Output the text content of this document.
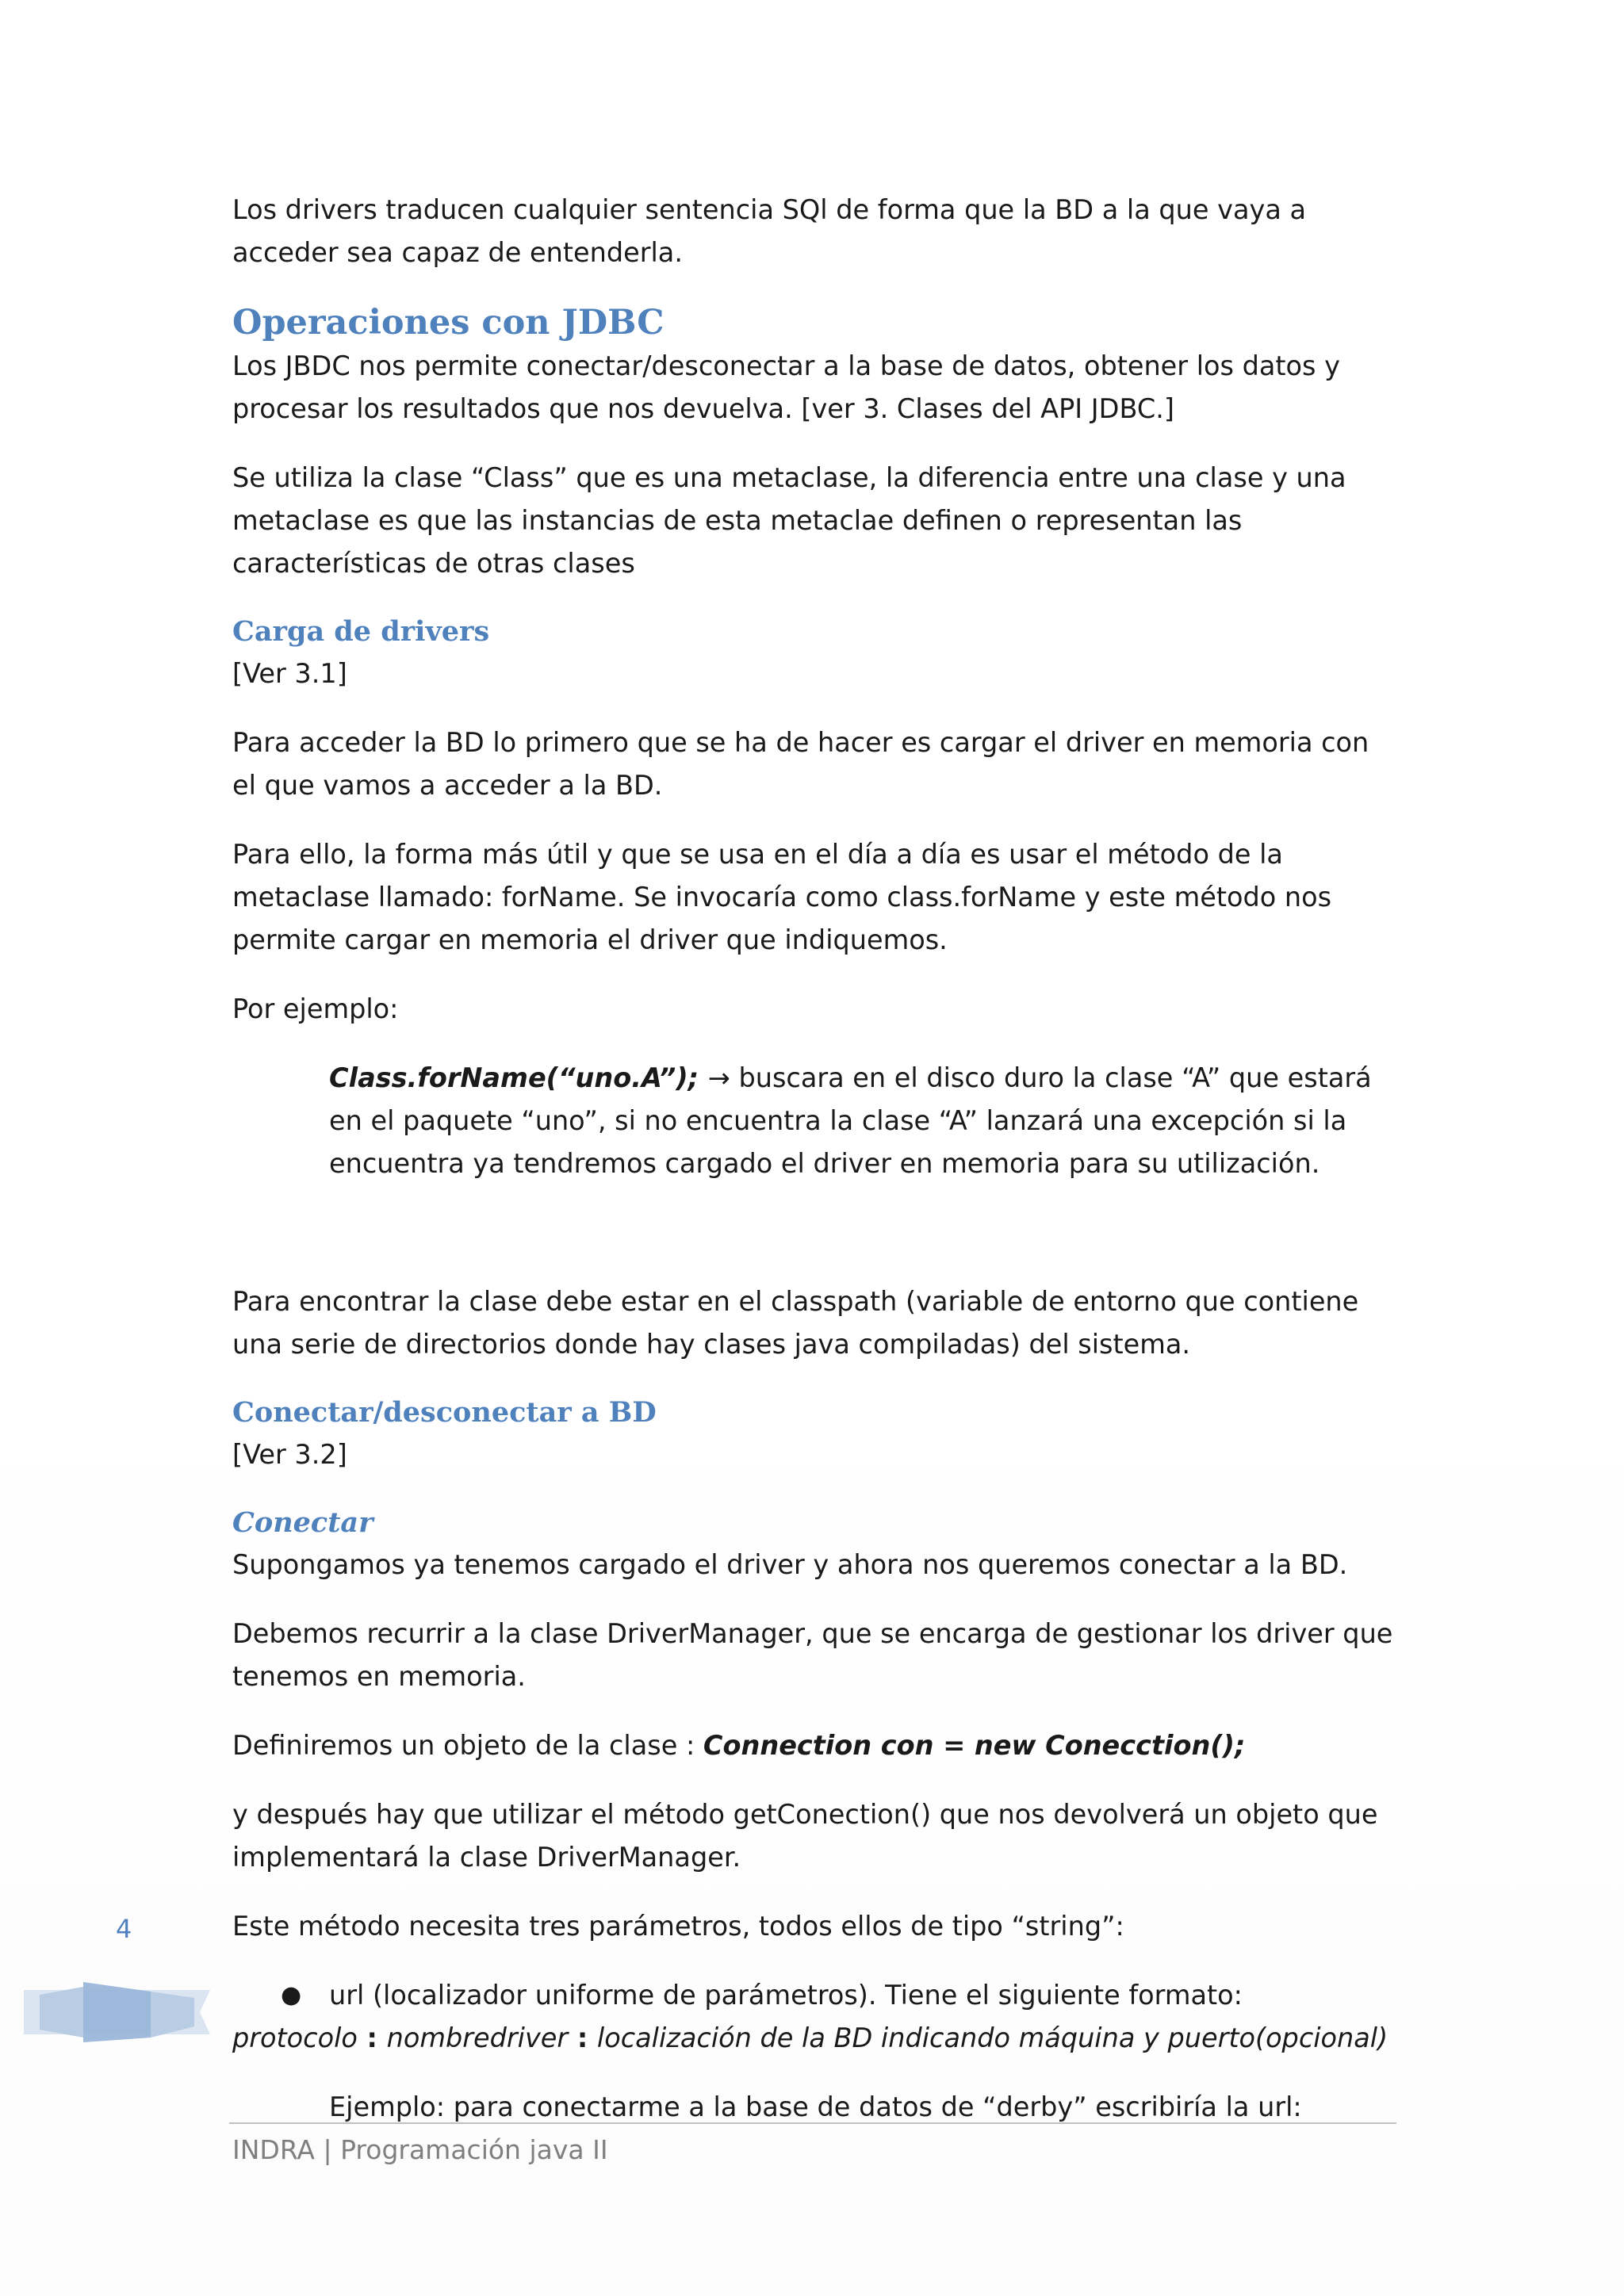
Los drivers traducen cualquier sentencia SQl de forma que la BD a la que vaya a acceder sea capaz de entenderla.

Operaciones con JDBC

Los JBDC nos permite conectar/desconectar a la base de datos, obtener los datos y procesar los resultados que nos devuelva. [ver 3. Clases del API JDBC.]

Se utiliza la clase “Class” que es una metaclase, la diferencia entre una clase y una metaclase es que las instancias de esta metaclae definen o representan las características de otras clases

Carga de drivers

[Ver 3.1]

Para acceder la BD lo primero que se ha de hacer es cargar el driver en memoria con el que vamos a acceder a la BD.

Para ello, la forma más útil y que se usa en el día a día es usar el método de la metaclase llamado: forName. Se invocaría como class.forName y este método nos permite cargar en memoria el driver que indiquemos.

Por ejemplo:

Class.forName(“uno.A”); → buscara en el disco duro la clase “A” que estará en el paquete “uno”, si no encuentra la clase “A” lanzará una excepción si la encuentra ya tendremos cargado el driver en memoria para su utilización.

Para encontrar la clase debe estar en el classpath (variable de entorno que contiene una serie de directorios donde hay clases java compiladas) del sistema.

Conectar/desconectar a BD

[Ver 3.2]

Conectar

Supongamos ya tenemos cargado el driver y ahora nos queremos conectar a la BD.

Debemos recurrir a la clase DriverManager, que se encarga de gestionar los driver que tenemos en memoria.

Definiremos un objeto de la clase : Connection con = new Conecction();

y después hay que utilizar el método getConection() que nos devolverá un objeto que implementará la clase DriverManager.

Este método necesita tres parámetros, todos ellos de tipo “string”:

●	url (localizador uniforme de parámetros). Tiene el siguiente formato:

protocolo : nombredriver : localización de la BD indicando máquina y puerto(opcional)

Ejemplo: para conectarme a la base de datos de “derby” escribiría la url:

4
INDRA | Programación java II
